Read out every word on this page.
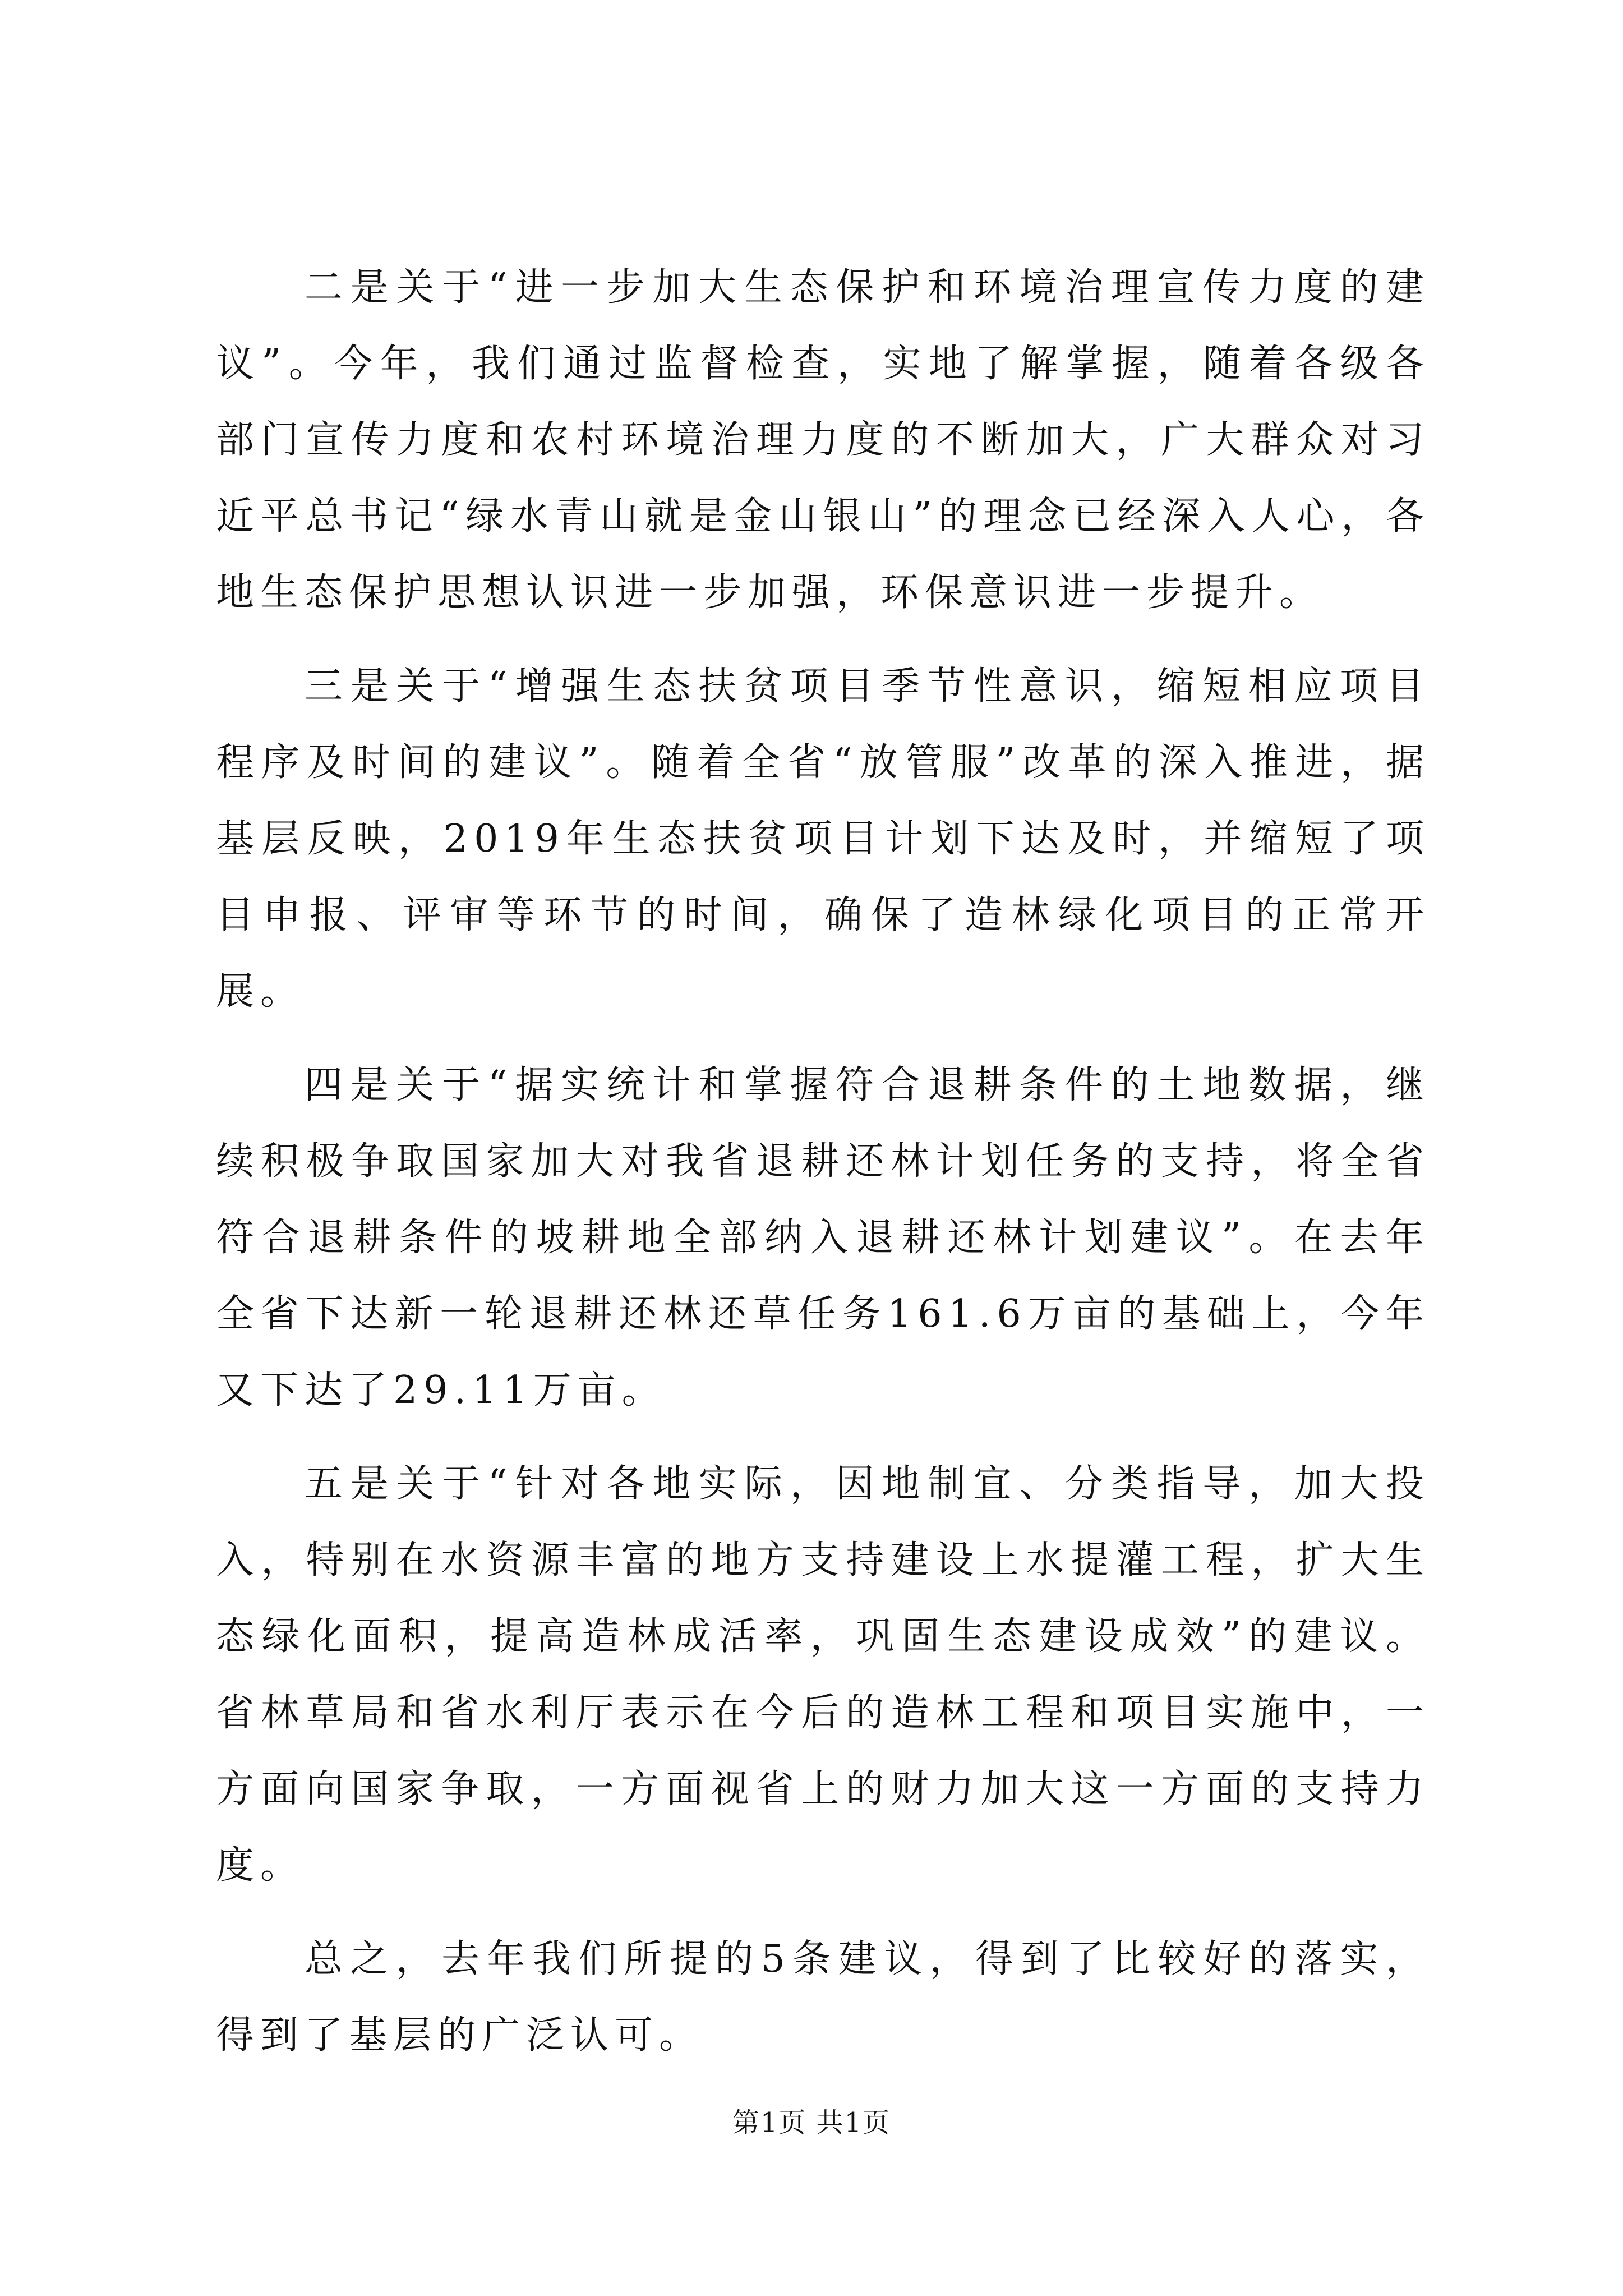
二是关于“进一步加大生态保护和环境治理宣传力度的建议”。今年，我们通过监督检查，实地了解掌握，随着各级各部门宣传力度和农村环境治理力度的不断加大，广大群众对习近平总书记“绿水青山就是金山银山”的理念已经深入人心，各地生态保护思想认识进一步加强，环保意识进一步提升。

三是关于“增强生态扶贫项目季节性意识，缩短相应项目程序及时间的建议”。随着全省“放管服”改革的深入推进，据基层反映，2019年生态扶贫项目计划下达及时，并缩短了项目申报、评审等环节的时间，确保了造林绿化项目的正常开展。

四是关于“据实统计和掌握符合退耕条件的土地数据，继续积极争取国家加大对我省退耕还林计划任务的支持，将全省符合退耕条件的坡耕地全部纳入退耕还林计划建议”。在去年全省下达新一轮退耕还林还草任务161.6万亩的基础上，今年又下达了29.11万亩。

五是关于“针对各地实际，因地制宜、分类指导，加大投入，特别在水资源丰富的地方支持建设上水提灌工程，扩大生态绿化面积，提高造林成活率，巩固生态建设成效”的建议。省林草局和省水利厅表示在今后的造林工程和项目实施中，一方面向国家争取，一方面视省上的财力加大这一方面的支持力度。

总之，去年我们所提的5条建议，得到了比较好的落实，得到了基层的广泛认可。

第1页 共1页
